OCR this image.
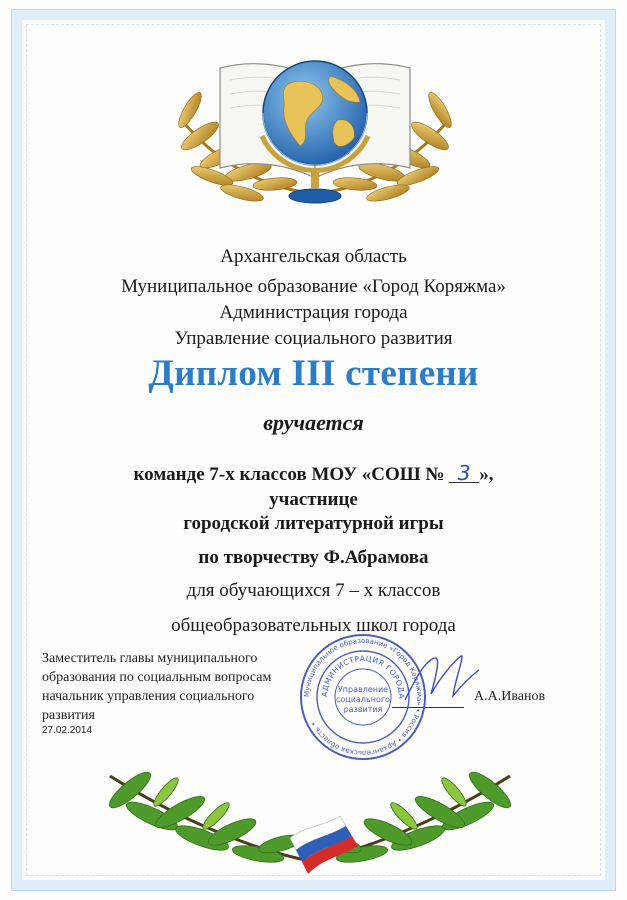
Архангельская область
Муниципальное образование «Город Коряжма»
Администрация города
Управление социального развития
Диплом III степени
вручается
команде 7-х классов МОУ «СОШ № 3 »,
участнице
городской литературной игры
по творчеству Ф.Абрамова
для обучающихся 7 – х классов
общеобразовательных школ города
Заместитель главы муниципального
образования по социальным вопросам
начальник управления социального развития
А.А.Иванов
27.02.2014
Муниципальное образование «Город Коряжма» • Россия • Архангельская область •
АДМИНИСТРАЦИЯ ГОРОДА
Управление
социального
развития
